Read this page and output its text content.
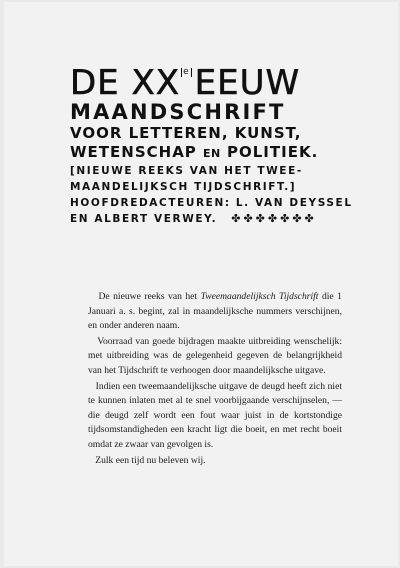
DE XX e EEUW
MAANDSCHRIFT
VOOR LETTEREN, KUNST,
WETENSCHAP EN POLITIEK.
[NIEUWE REEKS VAN HET TWEE-
MAANDELIJKSCH TIJDSCHRIFT.]
HOOFDREDACTEUREN: L. VAN DEYSSEL
EN ALBERT VERWEY. ✤✤✤✤✤✤✤

De nieuwe reeks van het Tweemaandelijksch Tijdschrift die 1 Januari a. s. begint, zal in maandelijksche nummers verschijnen, en onder anderen naam.

Voorraad van goede bijdragen maakte uitbreiding wenschelijk: met uitbreiding was de gelegenheid gegeven de belangrijkheid van het Tijdschrift te verhoogen door maandelijksche uitgave.

Indien een tweemaandelijksche uitgave de deugd heeft zich niet te kunnen inlaten met al te snel voorbijgaande verschijnselen, — die deugd zelf wordt een fout waar juist in de kortstondige tijdsomstandigheden een kracht ligt die boeit, en met recht boeit omdat ze zwaar van gevolgen is.

Zulk een tijd nu beleven wij.
